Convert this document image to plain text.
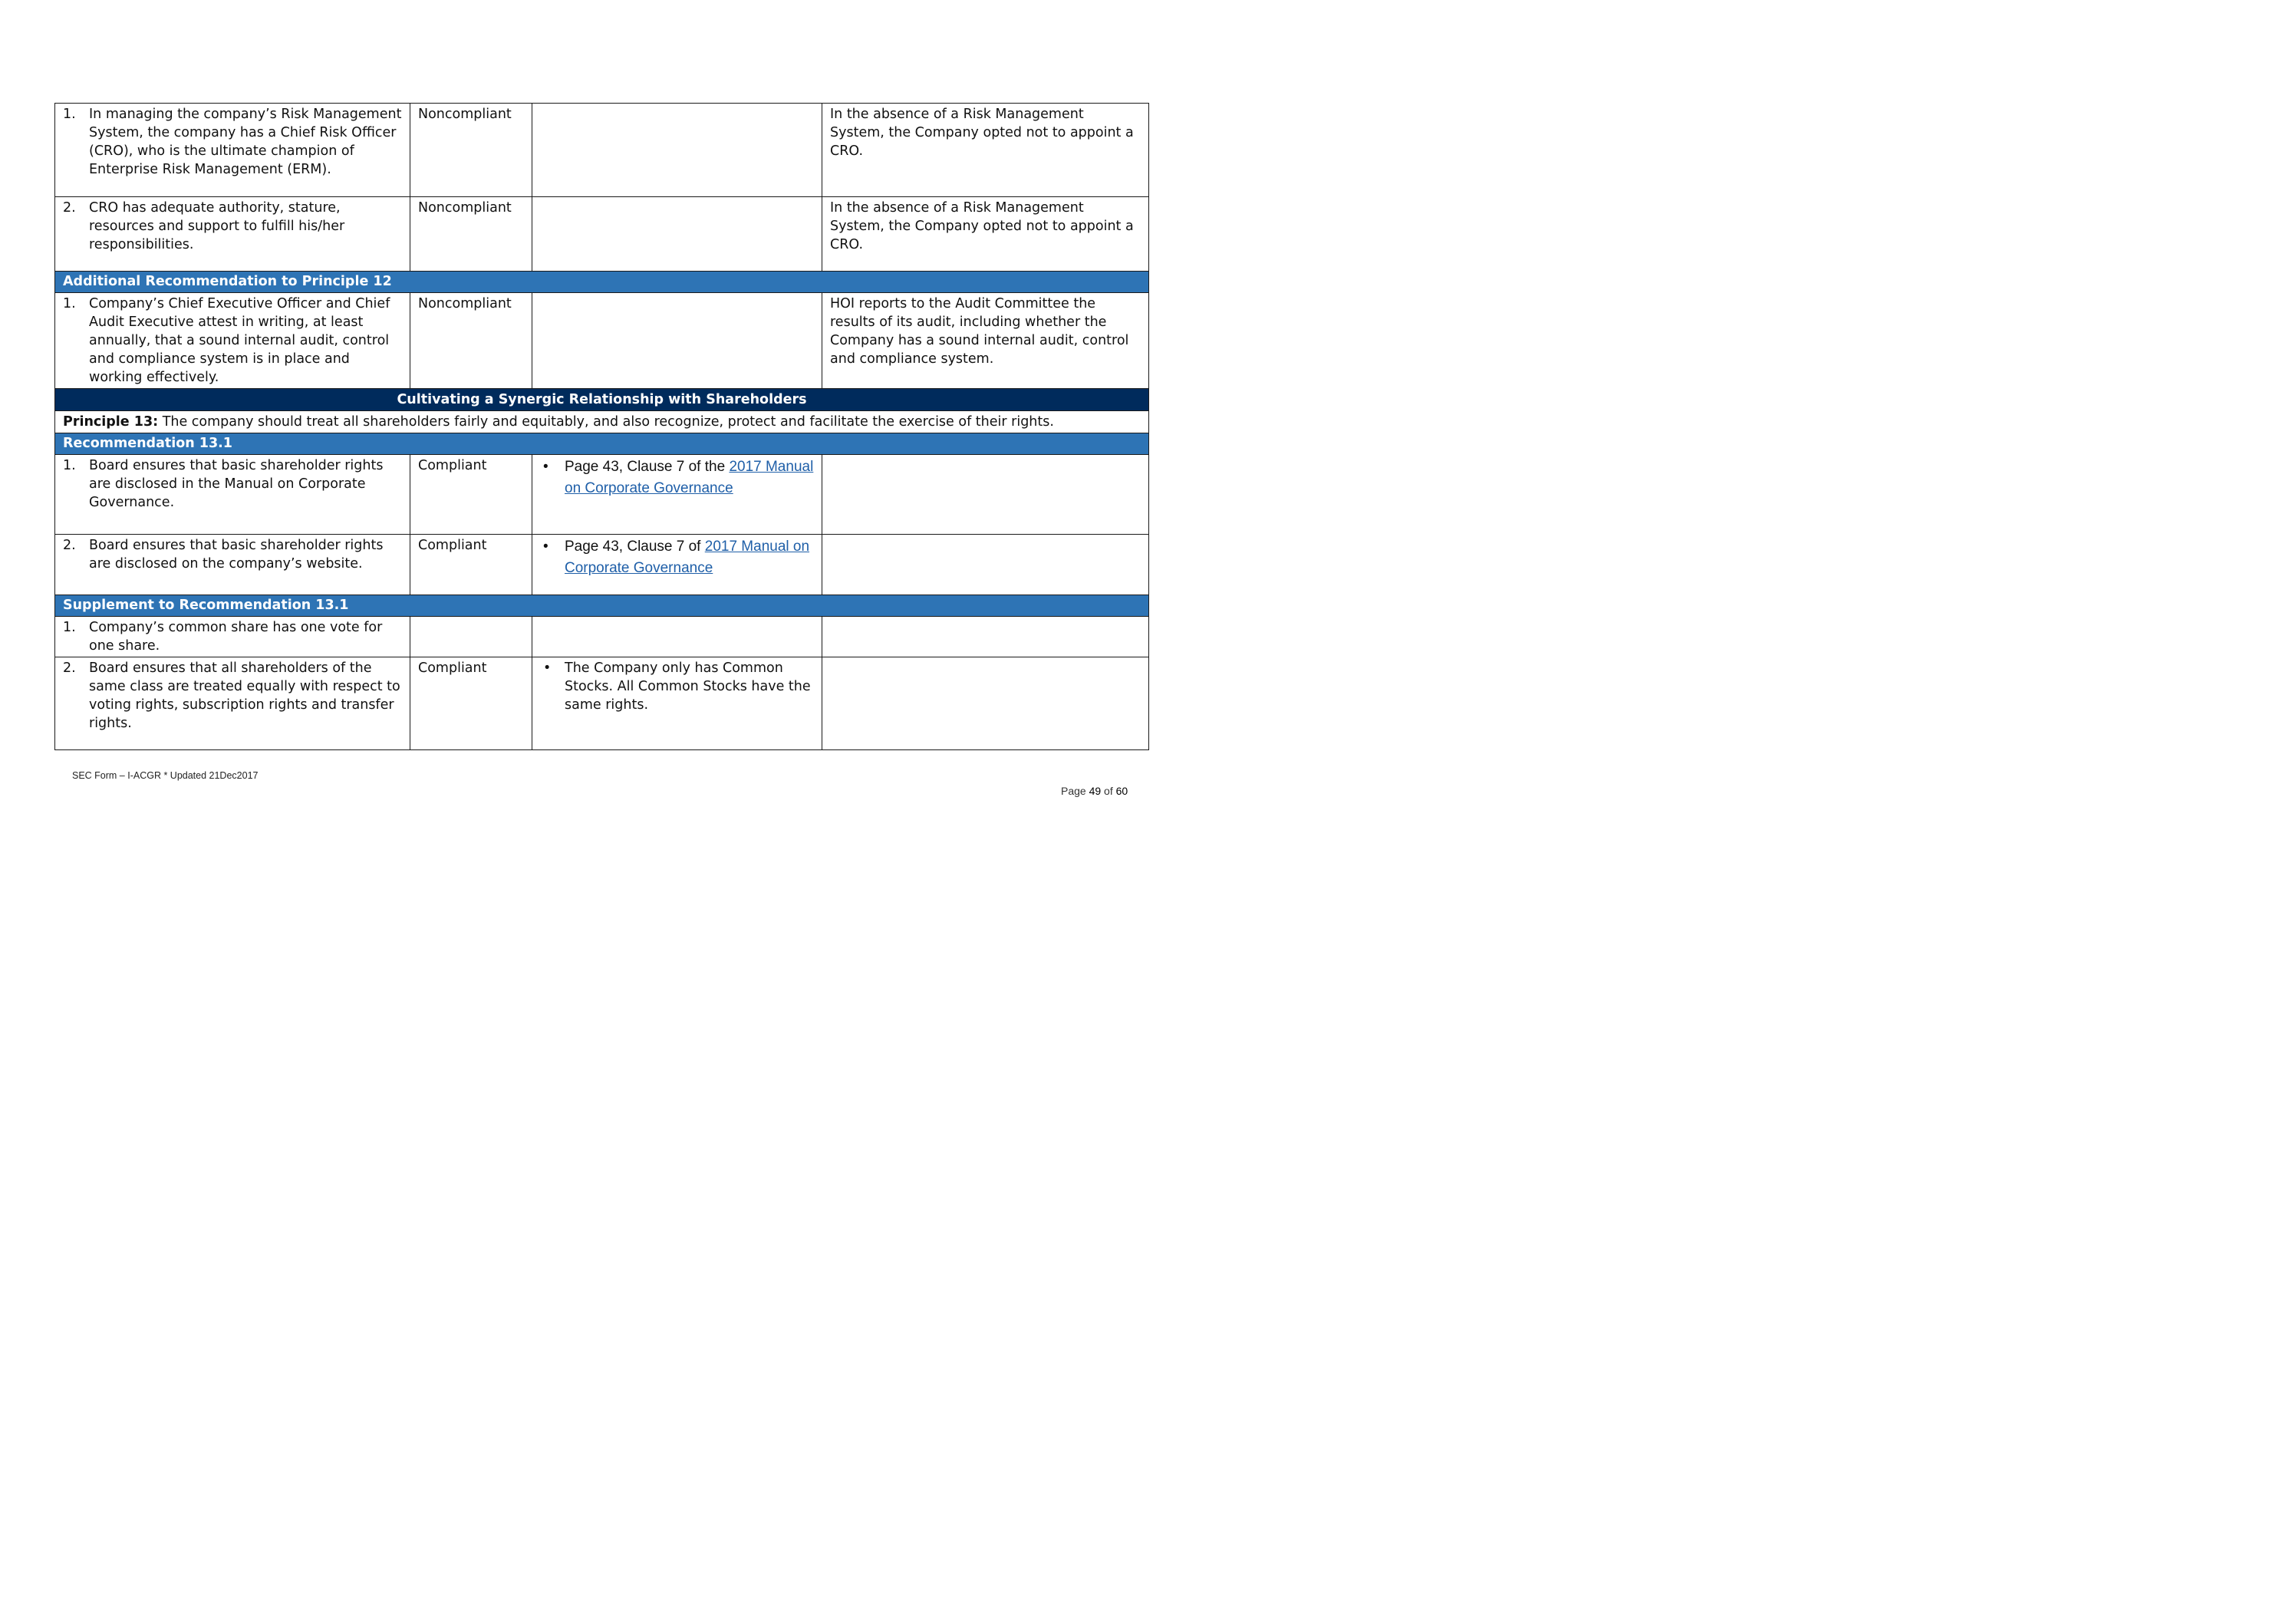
1. In managing the company’s Risk Management System, the company has a Chief Risk Officer (CRO), who is the ultimate champion of Enterprise Risk Management (ERM).	Noncompliant		In the absence of a Risk Management System, the Company opted not to appoint a CRO.

2. CRO has adequate authority, stature, resources and support to fulfill his/her responsibilities.	Noncompliant		In the absence of a Risk Management System, the Company opted not to appoint a CRO.
Additional Recommendation to Principle 12			

1. Company’s Chief Executive Officer and Chief Audit Executive attest in writing, at least annually, that a sound internal audit, control and compliance system is in place and working effectively.	Noncompliant		HOI reports to the Audit Committee the results of its audit, including whether the Company has a sound internal audit, control and compliance system.
Cultivating a Synergic Relationship with Shareholders			
Principle 13: The company should treat all shareholders fairly and equitably, and also recognize, protect and facilitate the exercise of their rights.			
Recommendation 13.1			

1. Board ensures that basic shareholder rights are disclosed in the Manual on Corporate Governance.	Compliant	• Page 43, Clause 7 of the 2017 Manual on Corporate Governance	

2. Board ensures that basic shareholder rights are disclosed on the company’s website.	Compliant	• Page 43, Clause 7 of 2017 Manual on Corporate Governance	

Supplement to Recommendation 13.1			

1. Company’s common share has one vote for one share.			

2. Board ensures that all shareholders of the same class are treated equally with respect to voting rights, subscription rights and transfer rights.	Compliant	• The Company only has Common Stocks. All Common Stocks have the same rights.	

SEC Form – I-ACGR * Updated 21Dec2017
Page 49 of 60
